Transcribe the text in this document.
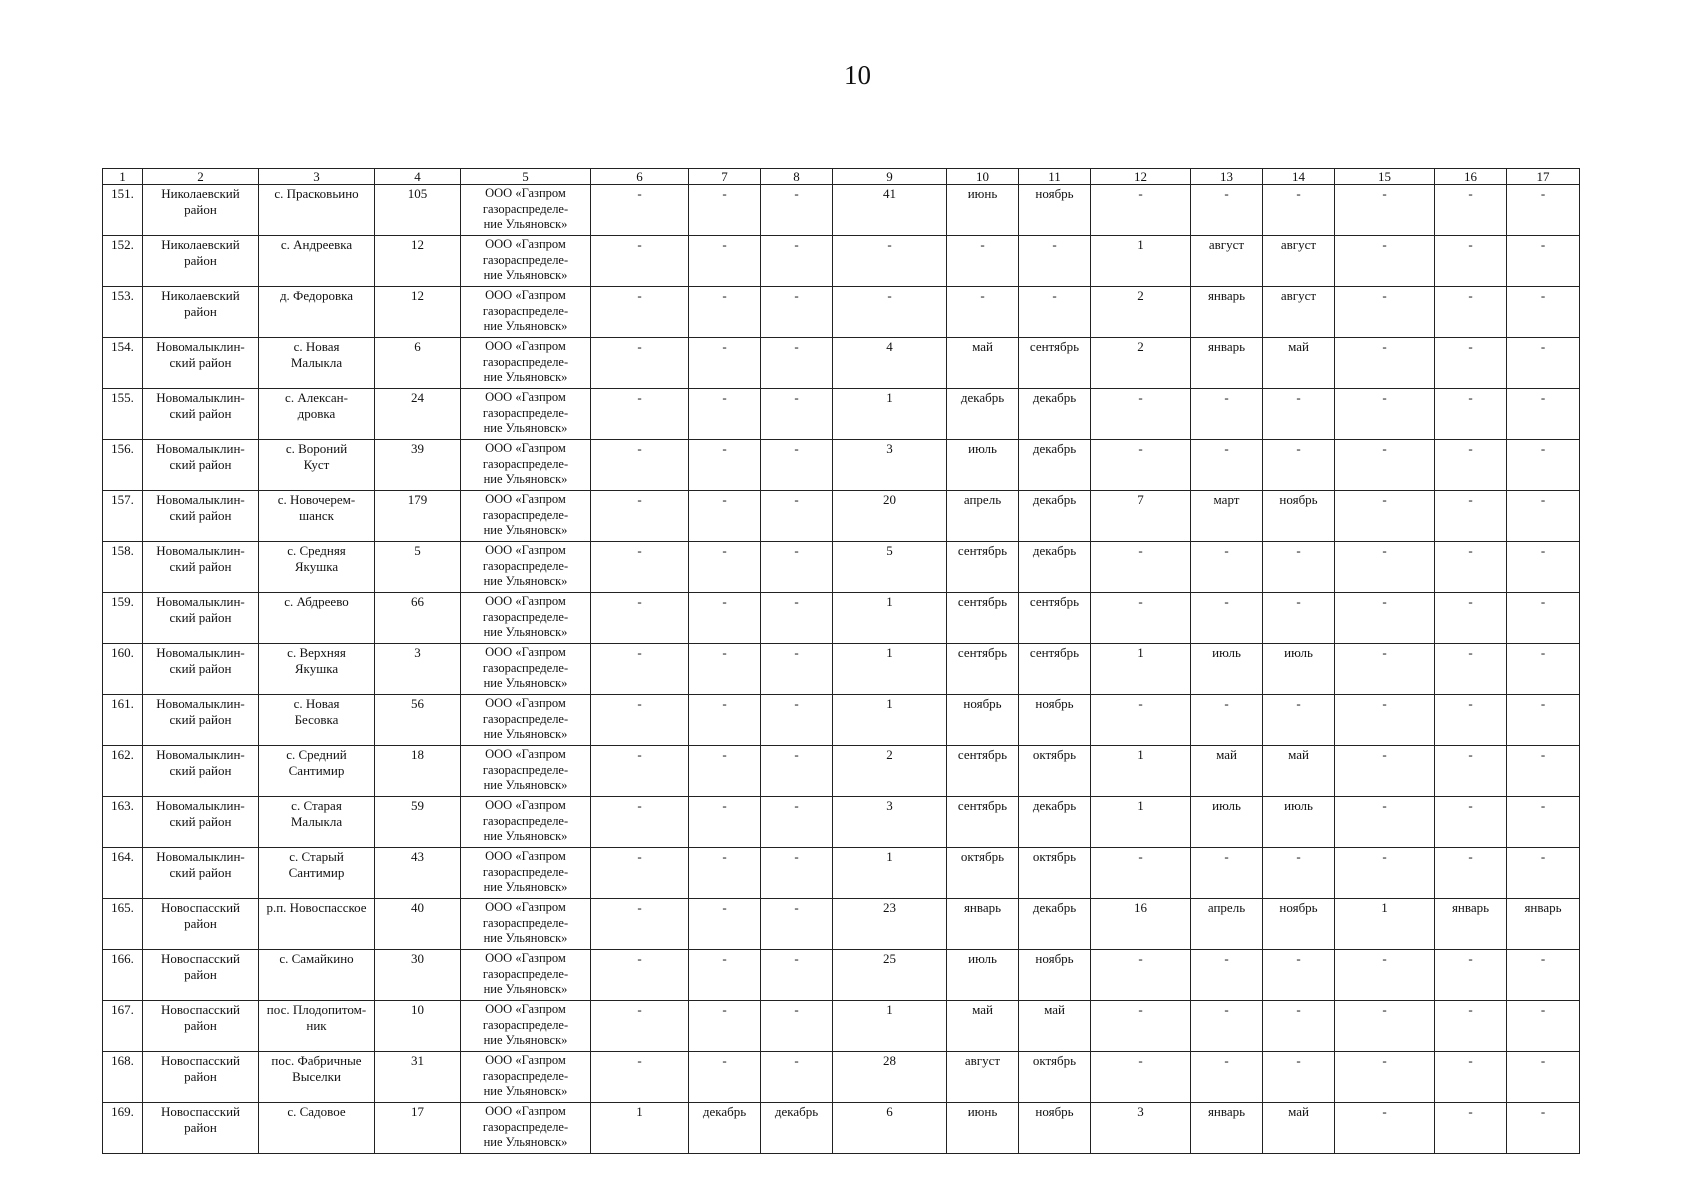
10
1	2	3	4	5	6	7	8	9	10	11	12	13	14	15	16	17
151.	Николаевский
район	с. Прасковьино	105	ООО «Газпром
газораспределе-
ние Ульяновск»	-	-	-	41	июнь	ноябрь	-	-	-	-	-	-
152.	Николаевский
район	с. Андреевка	12	ООО «Газпром
газораспределе-
ние Ульяновск»	-	-	-	-	-	-	1	август	август	-	-	-
153.	Николаевский
район	д. Федоровка	12	ООО «Газпром
газораспределе-
ние Ульяновск»	-	-	-	-	-	-	2	январь	август	-	-	-
154.	Новомалыклин-
ский район	с. Новая
Малыкла	6	ООО «Газпром
газораспределе-
ние Ульяновск»	-	-	-	4	май	сентябрь	2	январь	май	-	-	-
155.	Новомалыклин-
ский район	с. Алексан-
дровка	24	ООО «Газпром
газораспределе-
ние Ульяновск»	-	-	-	1	декабрь	декабрь	-	-	-	-	-	-
156.	Новомалыклин-
ский район	с. Вороний
Куст	39	ООО «Газпром
газораспределе-
ние Ульяновск»	-	-	-	3	июль	декабрь	-	-	-	-	-	-
157.	Новомалыклин-
ский район	с. Новочерем-
шанск	179	ООО «Газпром
газораспределе-
ние Ульяновск»	-	-	-	20	апрель	декабрь	7	март	ноябрь	-	-	-
158.	Новомалыклин-
ский район	с. Средняя
Якушка	5	ООО «Газпром
газораспределе-
ние Ульяновск»	-	-	-	5	сентябрь	декабрь	-	-	-	-	-	-
159.	Новомалыклин-
ский район	с. Абдреево	66	ООО «Газпром
газораспределе-
ние Ульяновск»	-	-	-	1	сентябрь	сентябрь	-	-	-	-	-	-
160.	Новомалыклин-
ский район	с. Верхняя
Якушка	3	ООО «Газпром
газораспределе-
ние Ульяновск»	-	-	-	1	сентябрь	сентябрь	1	июль	июль	-	-	-
161.	Новомалыклин-
ский район	с. Новая
Бесовка	56	ООО «Газпром
газораспределе-
ние Ульяновск»	-	-	-	1	ноябрь	ноябрь	-	-	-	-	-	-
162.	Новомалыклин-
ский район	с. Средний
Сантимир	18	ООО «Газпром
газораспределе-
ние Ульяновск»	-	-	-	2	сентябрь	октябрь	1	май	май	-	-	-
163.	Новомалыклин-
ский район	с. Старая
Малыкла	59	ООО «Газпром
газораспределе-
ние Ульяновск»	-	-	-	3	сентябрь	декабрь	1	июль	июль	-	-	-
164.	Новомалыклин-
ский район	с. Старый
Сантимир	43	ООО «Газпром
газораспределе-
ние Ульяновск»	-	-	-	1	октябрь	октябрь	-	-	-	-	-	-
165.	Новоспасский
район	р.п. Новоспасское	40	ООО «Газпром
газораспределе-
ние Ульяновск»	-	-	-	23	январь	декабрь	16	апрель	ноябрь	1	январь	январь
166.	Новоспасский
район	с. Самайкино	30	ООО «Газпром
газораспределе-
ние Ульяновск»	-	-	-	25	июль	ноябрь	-	-	-	-	-	-
167.	Новоспасский
район	пос. Плодопитом-
ник	10	ООО «Газпром
газораспределе-
ние Ульяновск»	-	-	-	1	май	май	-	-	-	-	-	-
168.	Новоспасский
район	пос. Фабричные
Выселки	31	ООО «Газпром
газораспределе-
ние Ульяновск»	-	-	-	28	август	октябрь	-	-	-	-	-	-
169.	Новоспасский
район	с. Садовое	17	ООО «Газпром
газораспределе-
ние Ульяновск»	1	декабрь	декабрь	6	июнь	ноябрь	3	январь	май	-	-	-
